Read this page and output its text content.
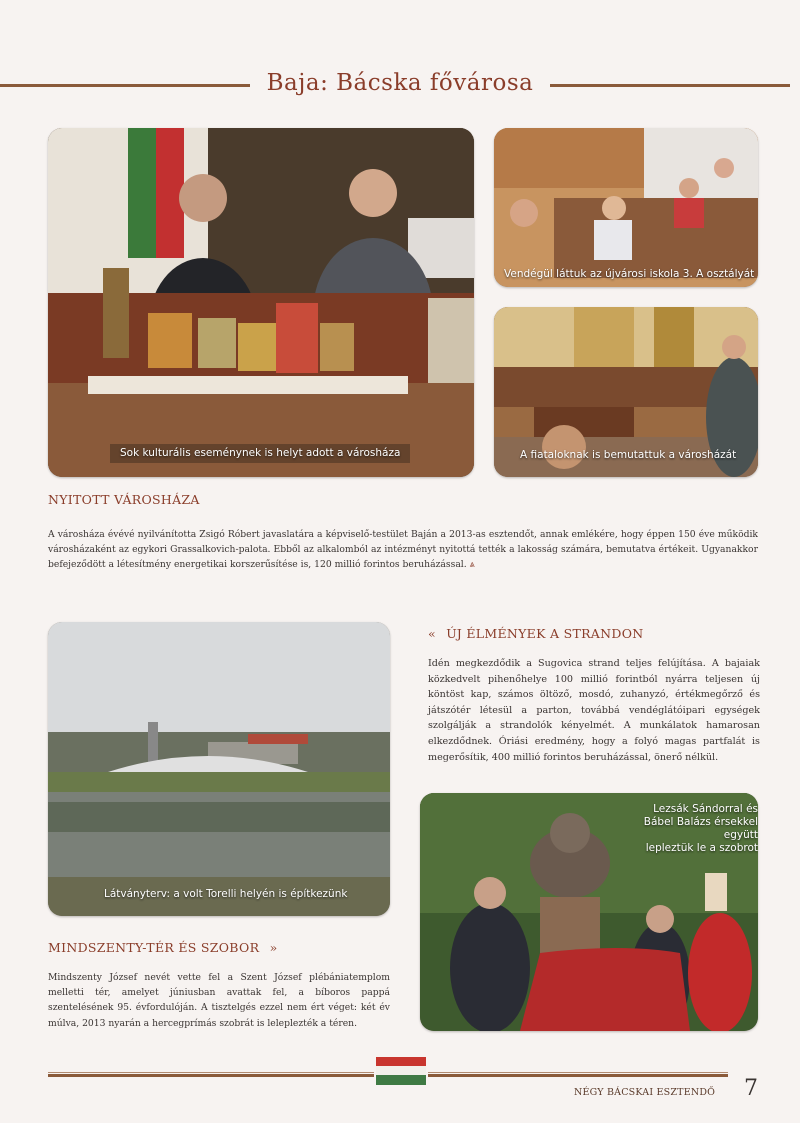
Baja: Bácska fővárosa
Sok kulturális eseménynek is helyt adott a városháza
Vendégül láttuk az újvárosi iskola 3. A osztályát
A fiataloknak is bemutattuk a városházát
NYITOTT VÁROSHÁZA
A városháza évévé nyilvánította Zsigó Róbert javaslatára a képviselő-testület Baján a 2013-as esztendőt, annak emlékére, hogy éppen 150 éve működik városházaként az egykori Grassalkovich-palota. Ebből az alkalomból az intézményt nyitottá tették a lakosság számára, bemutatva értékeit. Ugyanakkor befejeződött a létesítmény energetikai korszerűsítése is, 120 millió forintos beruházással. ⩓
Látványterv: a volt Torelli helyén is építkezünk
« ÚJ ÉLMÉNYEK A STRANDON
Idén megkezdődik a Sugovica strand teljes felújítása. A bajaiak közkedvelt pihenőhelye 100 millió forintból nyárra teljesen új köntöst kap, számos öltöző, mosdó, zuhanyzó, értékmegőrző és játszótér létesül a parton, továbbá vendéglátóipari egységek szolgálják a strandolók kényelmét. A munkálatok hamarosan elkezdődnek. Óriási eredmény, hogy a folyó magas partfalát is megerősítik, 400 millió forintos beruházással, önerő nélkül.
Lezsák Sándorral és
Bábel Balázs érsekkel együtt
lepleztük le a szobrot
MINDSZENTY-TÉR ÉS SZOBOR »
Mindszenty József nevét vette fel a Szent József plébániatemplom melletti tér, amelyet júniusban avattak fel, a bíboros pappá szentelésének 95. évfordulóján. A tisztelgés ezzel nem ért véget: két év múlva, 2013 nyarán a hercegprímás szobrát is leleplezték a téren.
NÉGY BÁCSKAI ESZTENDŐ 7
